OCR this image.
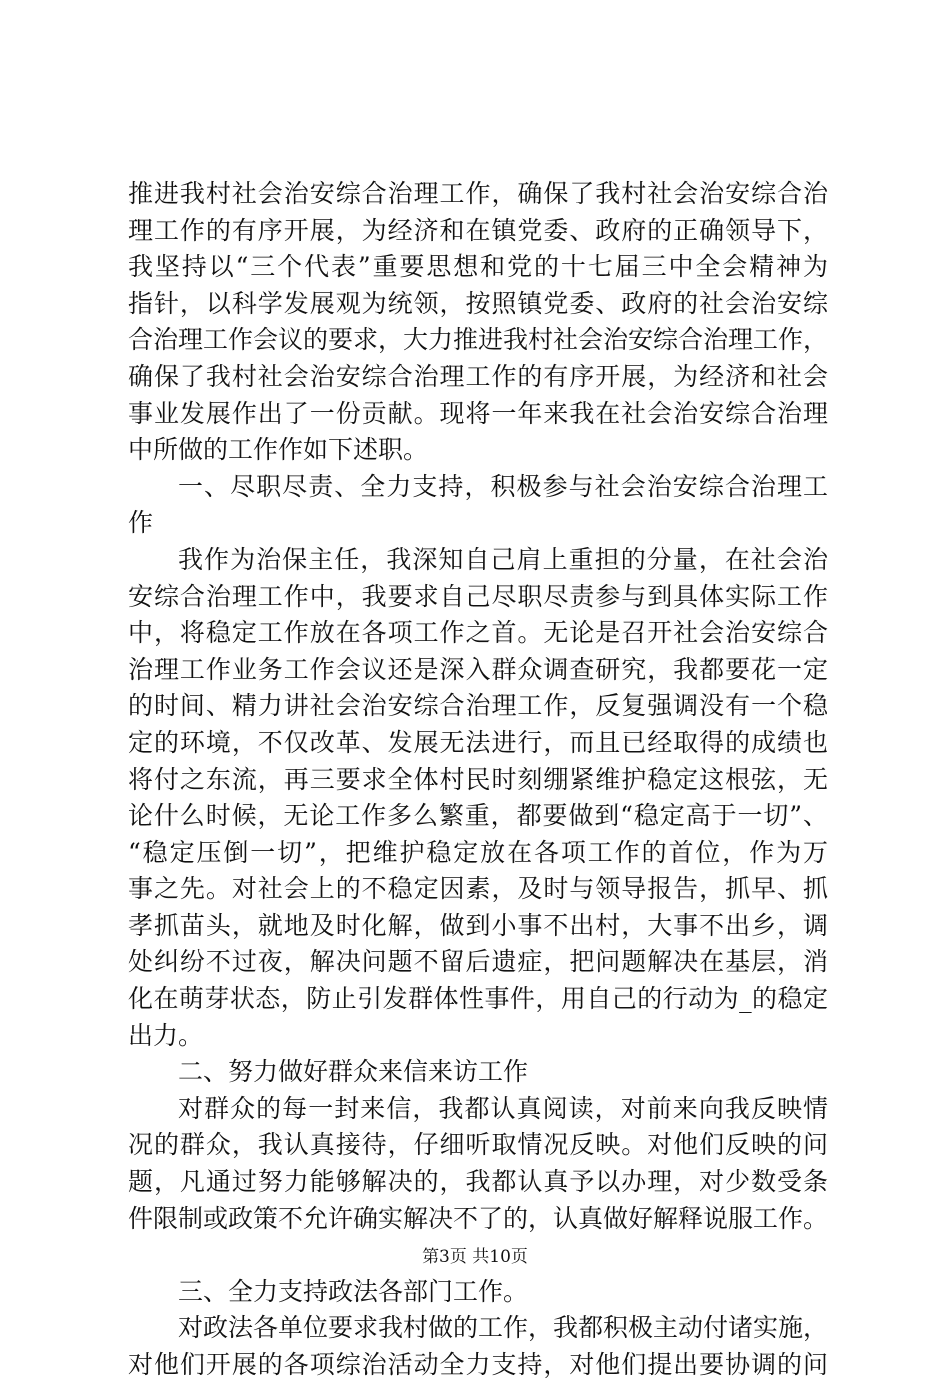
推进我村社会治安综合治理工作，确保了我村社会治安综合治
理工作的有序开展，为经济和在镇党委、政府的正确领导下，
我坚持以“三个代表”重要思想和党的十七届三中全会精神为
指针，以科学发展观为统领，按照镇党委、政府的社会治安综
合治理工作会议的要求，大力推进我村社会治安综合治理工作，
确保了我村社会治安综合治理工作的有序开展，为经济和社会
事业发展作出了一份贡献。现将一年来我在社会治安综合治理
中所做的工作作如下述职。
一、尽职尽责、全力支持，积极参与社会治安综合治理工
作
我作为治保主任，我深知自己肩上重担的分量，在社会治
安综合治理工作中，我要求自己尽职尽责参与到具体实际工作
中，将稳定工作放在各项工作之首。无论是召开社会治安综合
治理工作业务工作会议还是深入群众调查研究，我都要花一定
的时间、精力讲社会治安综合治理工作，反复强调没有一个稳
定的环境，不仅改革、发展无法进行，而且已经取得的成绩也
将付之东流，再三要求全体村民时刻绷紧维护稳定这根弦，无
论什么时候，无论工作多么繁重，都要做到“稳定高于一切”、
“稳定压倒一切”，把维护稳定放在各项工作的首位，作为万
事之先。对社会上的不稳定因素，及时与领导报告，抓早、抓
孝抓苗头，就地及时化解，做到小事不出村，大事不出乡，调
处纠纷不过夜，解决问题不留后遗症，把问题解决在基层，消
化在萌芽状态，防止引发群体性事件，用自己的行动为_的稳定
出力。
二、努力做好群众来信来访工作
对群众的每一封来信，我都认真阅读，对前来向我反映情
况的群众，我认真接待，仔细听取情况反映。对他们反映的问
题，凡通过努力能够解决的，我都认真予以办理，对少数受条
件限制或政策不允许确实解决不了的，认真做好解释说服工作。
三、全力支持政法各部门工作。
对政法各单位要求我村做的工作，我都积极主动付诸实施，
对他们开展的各项综治活动全力支持，对他们提出要协调的问
第3页 共10页
